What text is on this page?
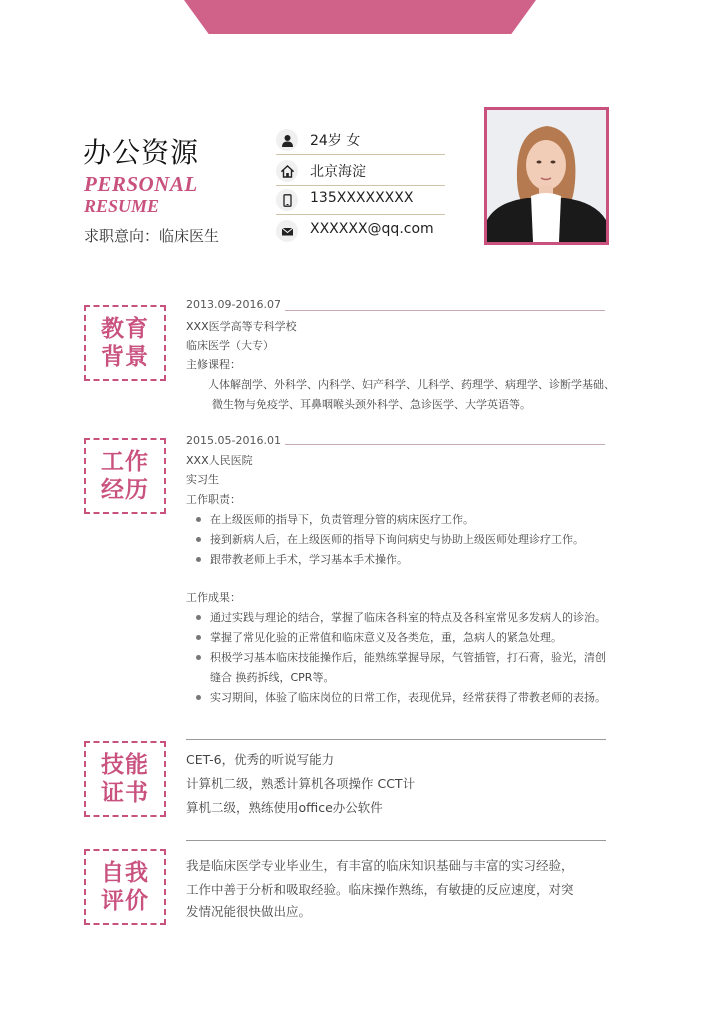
办公资源
PERSONAL
RESUME
求职意向：临床医生
24岁 女
北京海淀
135XXXXXXXX
XXXXXX@qq.com
教育
背景
2013.09-2016.07
XXX医学高等专科学校
临床医学（大专）
主修课程：
人体解剖学、外科学、内科学、妇产科学、儿科学、药理学、病理学、诊断学基础、
微生物与免疫学、耳鼻咽喉头颈外科学、急诊医学、大学英语等。
工作
经历
2015.05-2016.01
XXX人民医院
实习生
工作职责：
在上级医师的指导下，负责管理分管的病床医疗工作。
接到新病人后，在上级医师的指导下询问病史与协助上级医师处理诊疗工作。
跟带教老师上手术，学习基本手术操作。
工作成果：
通过实践与理论的结合，掌握了临床各科室的特点及各科室常见多发病人的诊治。
掌握了常见化验的正常值和临床意义及各类危，重，急病人的紧急处理。
积极学习基本临床技能操作后，能熟练掌握导尿，气管插管，打石膏，验光，清创
缝合 换药拆线，CPR等。
实习期间，体验了临床岗位的日常工作，表现优异，经常获得了带教老师的表扬。
技能
证书
CET-6，优秀的听说写能力
计算机二级，熟悉计算机各项操作 CCT计
算机二级，熟练使用office办公软件
自我
评价
我是临床医学专业毕业生，有丰富的临床知识基础与丰富的实习经验，
工作中善于分析和吸取经验。临床操作熟练，有敏捷的反应速度，对突
发情况能很快做出应。
